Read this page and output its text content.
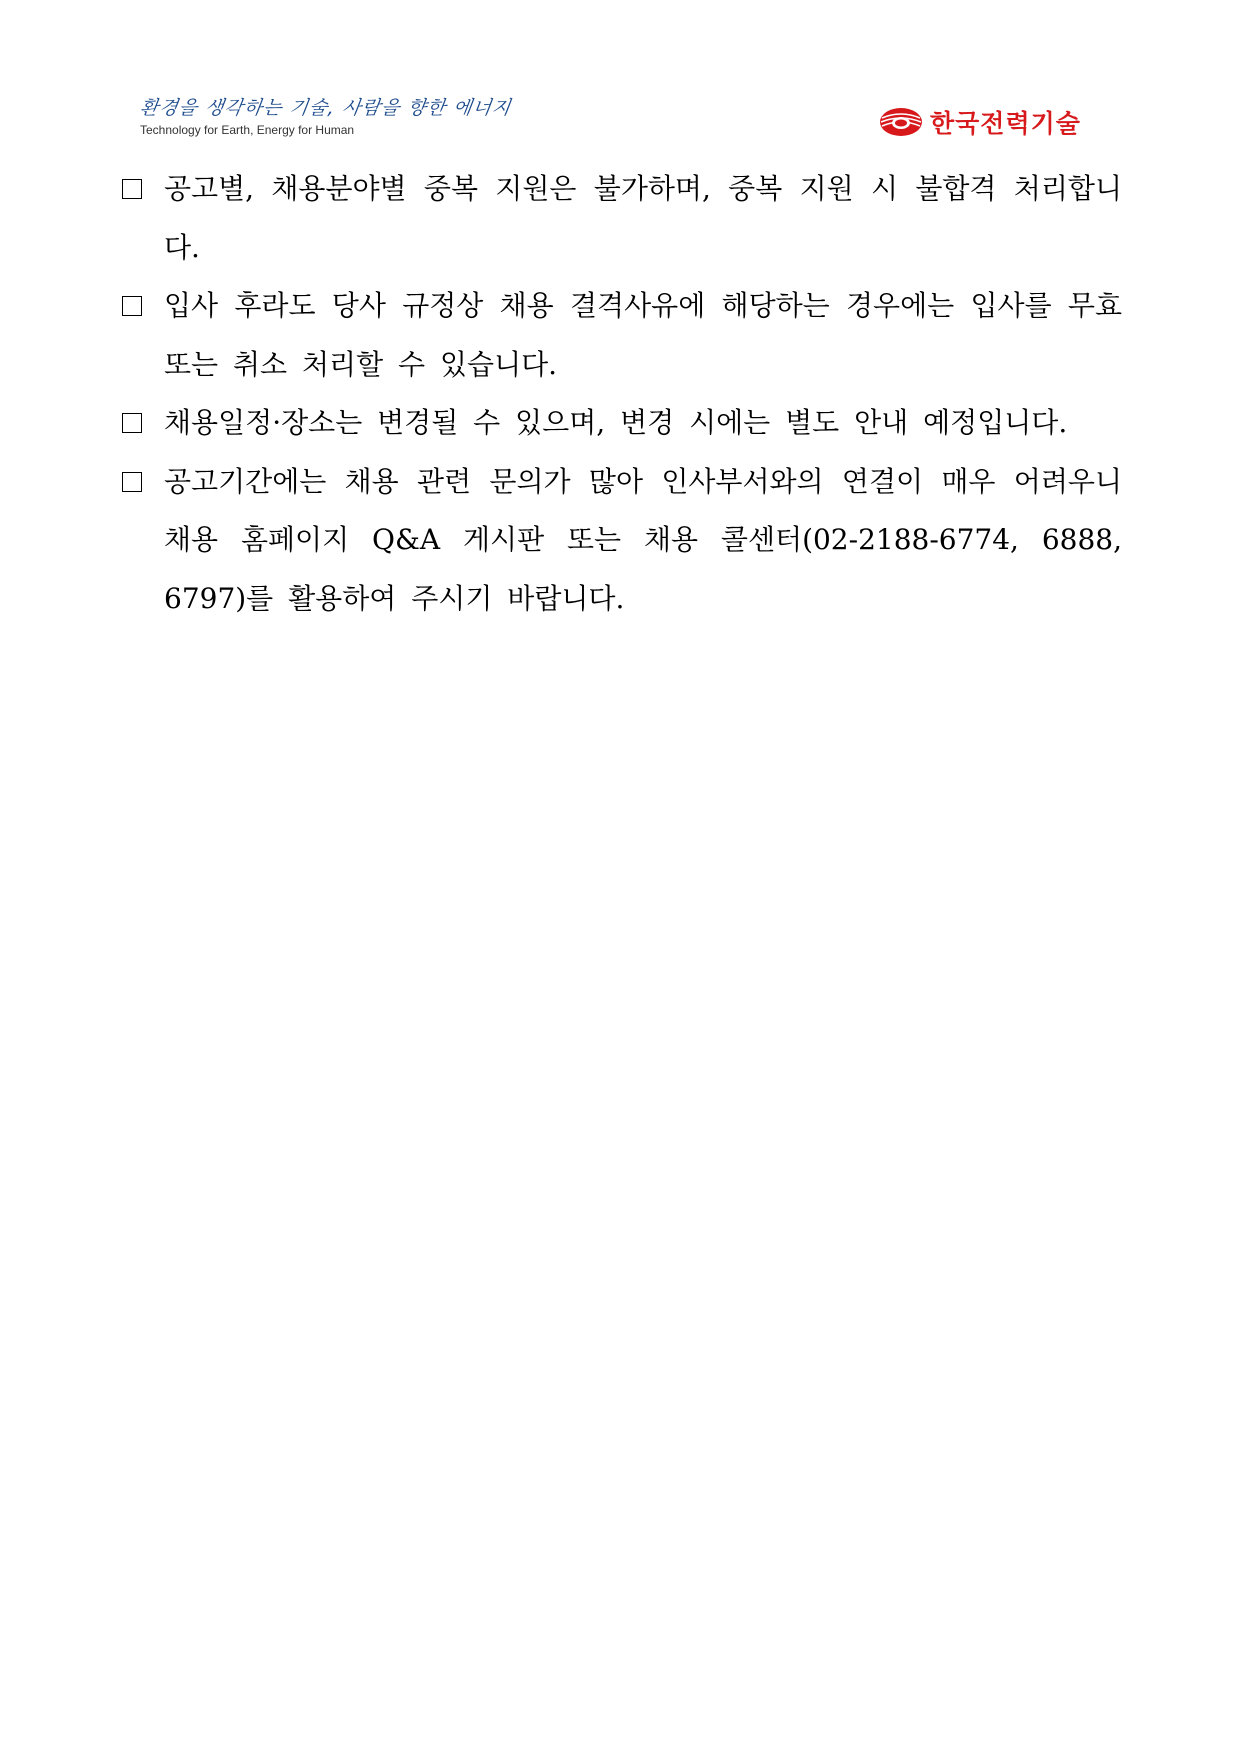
환경을 생각하는 기술, 사람을 향한 에너지
Technology for Earth, Energy for Human	한국전력기술
공고별, 채용분야별 중복 지원은 불가하며, 중복 지원 시 불합격 처리합니다.
입사 후라도 당사 규정상 채용 결격사유에 해당하는 경우에는 입사를 무효 또는 취소 처리할 수 있습니다.
채용일정·장소는 변경될 수 있으며, 변경 시에는 별도 안내 예정입니다.
공고기간에는 채용 관련 문의가 많아 인사부서와의 연결이 매우 어려우니 채용 홈페이지 Q&A 게시판 또는 채용 콜센터(02-2188-6774, 6888, 6797)를 활용하여 주시기 바랍니다.
